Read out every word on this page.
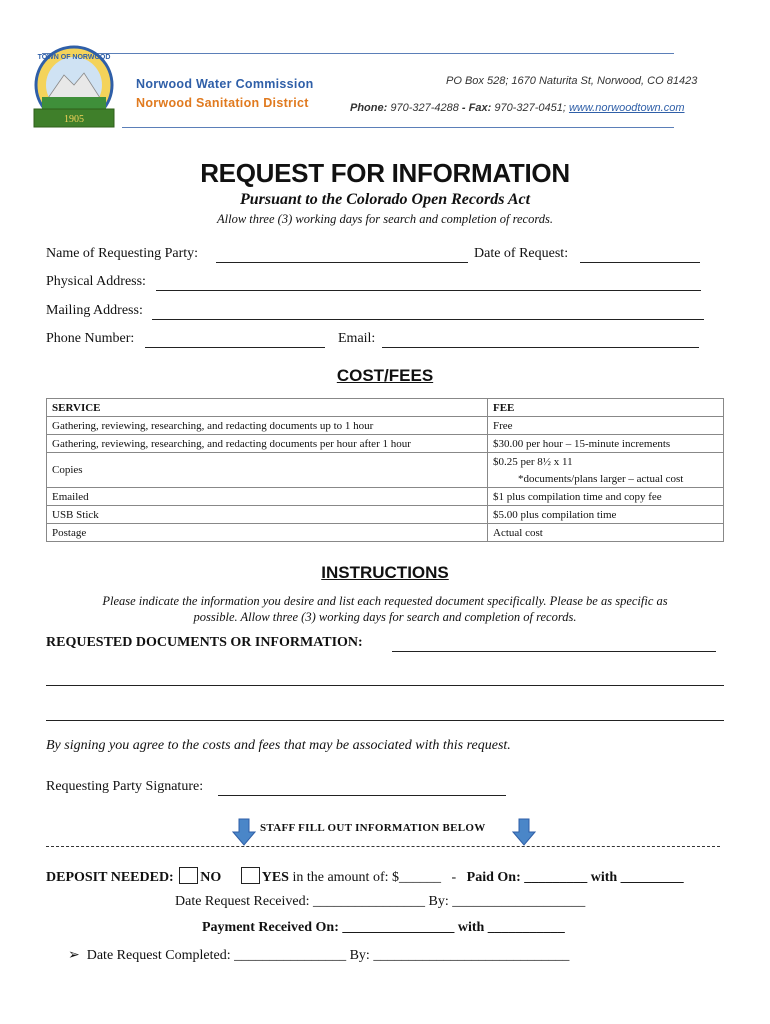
1905
TOWN OF NORWOOD
Norwood Water Commission
Norwood Sanitation District
PO Box 528; 1670 Naturita St, Norwood, CO 81423
Phone: 970-327-4288 - Fax: 970-327-0451; www.norwoodtown.com
REQUEST FOR INFORMATION
Pursuant to the Colorado Open Records Act
Allow three (3) working days for search and completion of records.
Name of Requesting Party:	Date of Request:
Physical Address:
Mailing Address:
Phone Number:	Email:
COST/FEES
SERVICE	FEE
Gathering, reviewing, researching, and redacting documents up to 1 hour	Free
Gathering, reviewing, researching, and redacting documents per hour after 1 hour	$30.00 per hour – 15-minute increments
Copies	$0.25 per 8½ x 11
	*documents/plans larger – actual cost
Emailed	$1 plus compilation time and copy fee
USB Stick	$5.00 plus compilation time
Postage	Actual cost
INSTRUCTIONS
Please indicate the information you desire and list each requested document specifically. Please be as specific as
possible. Allow three (3) working days for search and completion of records.
REQUESTED DOCUMENTS OR INFORMATION:
By signing you agree to the costs and fees that may be associated with this request.
Requesting Party Signature:
STAFF FILL OUT INFORMATION BELOW
DEPOSIT NEEDED: NO	YES in the amount of: $______ - Paid On: _________ with _________
Date Request Received: ________________ By: ___________________
Payment Received On: ________________ with ___________
➢ Date Request Completed: ________________ By: ____________________________
